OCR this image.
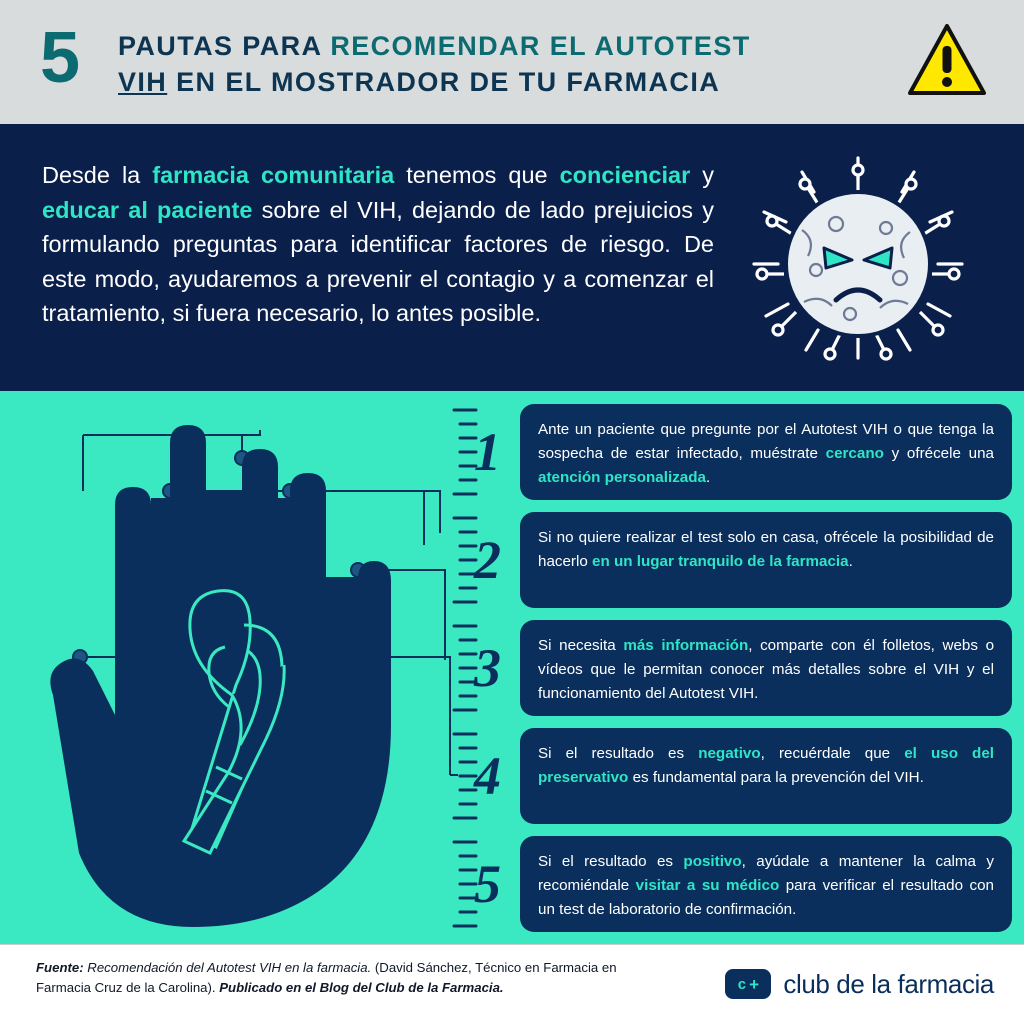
5 PAUTAS PARA RECOMENDAR EL AUTOTEST
VIH EN EL MOSTRADOR DE TU FARMACIA
Desde la farmacia comunitaria tenemos que concienciar y educar al paciente sobre el VIH, dejando de lado prejuicios y formulando preguntas para identificar factores de riesgo. De este modo, ayudaremos a prevenir el contagio y a comenzar el tratamiento, si fuera necesario, lo antes posible.
1	Ante un paciente que pregunte por el Autotest VIH o que tenga la sospecha de estar infectado, muéstrate cercano y ofrécele una atención personalizada.
2	Si no quiere realizar el test solo en casa, ofrécele la posibilidad de hacerlo en un lugar tranquilo de la farmacia.
3	Si necesita más información, comparte con él folletos, webs o vídeos que le permitan conocer más detalles sobre el VIH y el funcionamiento del Autotest VIH.
4	Si el resultado es negativo, recuérdale que el uso del preservativo es fundamental para la prevención del VIH.
5	Si el resultado es positivo, ayúdale a mantener la calma y recomiéndale visitar a su médico para verificar el resultado con un test de laboratorio de confirmación.
Fuente: Recomendación del Autotest VIH en la farmacia. (David Sánchez, Técnico en Farmacia en Farmacia Cruz de la Carolina). Publicado en el Blog del Club de la Farmacia.	c + club de la farmacia
